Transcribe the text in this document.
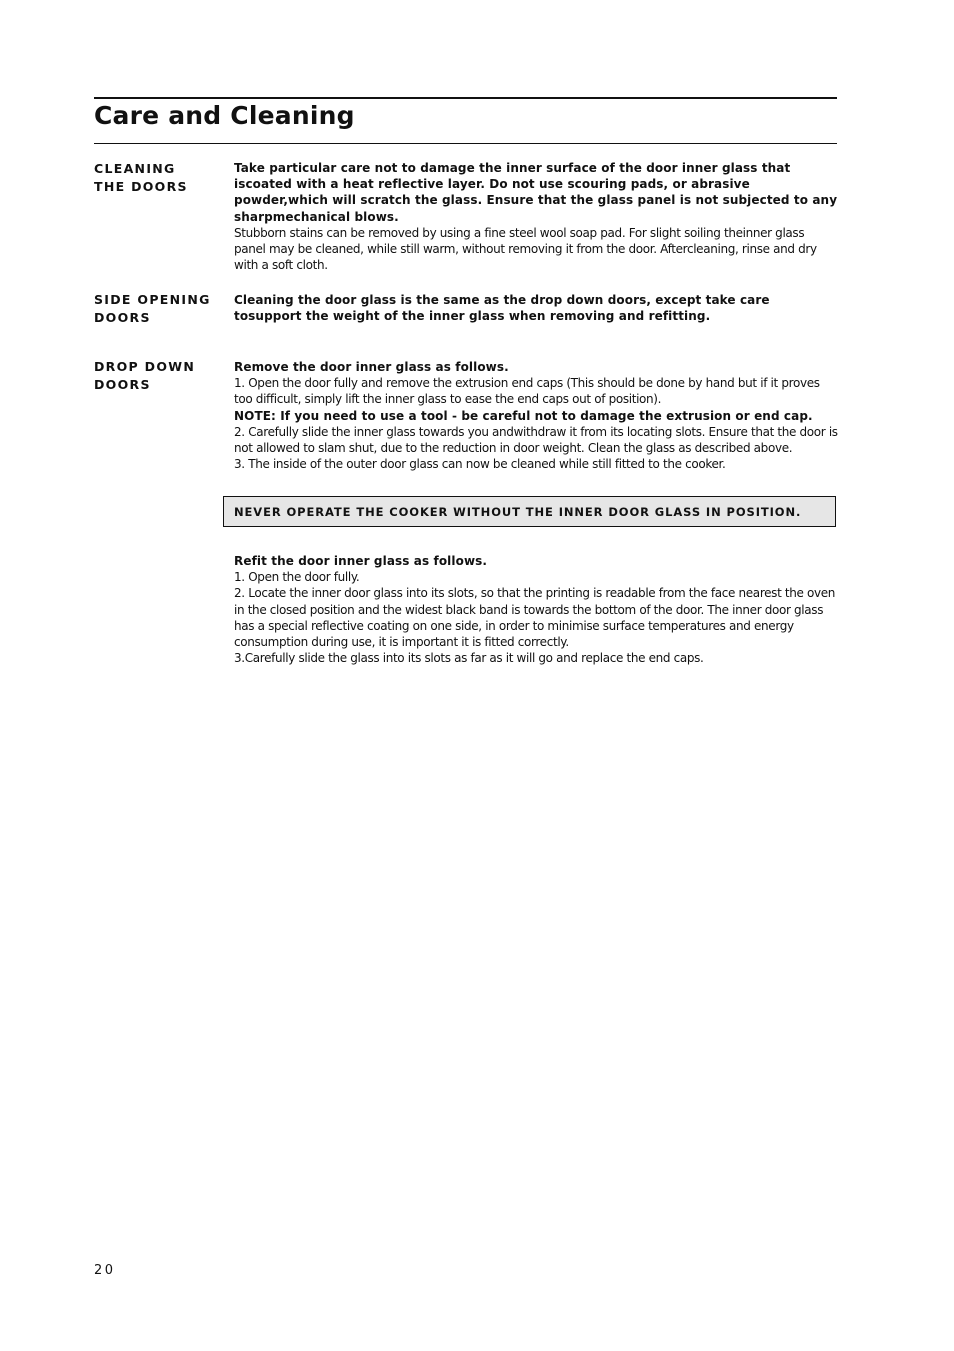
Care and Cleaning
CLEANING
THE DOORS

Take particular care not to damage the inner surface of the door inner glass that iscoated with a heat reflective layer. Do not use scouring pads, or abrasive powder,which will scratch the glass. Ensure that the glass panel is not subjected to any sharpmechanical blows.

Stubborn stains can be removed by using a fine steel wool soap pad. For slight soiling theinner glass panel may be cleaned, while still warm, without removing it from the door. Aftercleaning, rinse and dry with a soft cloth.

SIDE OPENING
DOORS

Cleaning the door glass is the same as the drop down doors, except take care tosupport the weight of the inner glass when removing and refitting.

DROP DOWN
DOORS

Remove the door inner glass as follows.

1. Open the door fully and remove the extrusion end caps (This should be done by hand but if it proves too difficult, simply lift the inner glass to ease the end caps out of position).

NOTE: If you need to use a tool - be careful not to damage the extrusion or end cap.

2. Carefully slide the inner glass towards you andwithdraw it from its locating slots. Ensure that the door is not allowed to slam shut, due to the reduction in door weight. Clean the glass as described above.

3. The inside of the outer door glass can now be cleaned while still fitted to the cooker.

NEVER OPERATE THE COOKER WITHOUT THE INNER DOOR GLASS IN POSITION.

Refit the door inner glass as follows.

1. Open the door fully.

2. Locate the inner door glass into its slots, so that the printing is readable from the face nearest the oven in the closed position and the widest black band is towards the bottom of the door. The inner door glass has a special reflective coating on one side, in order to minimise surface temperatures and energy consumption during use, it is important it is fitted correctly.

3.Carefully slide the glass into its slots as far as it will go and replace the end caps.

20
